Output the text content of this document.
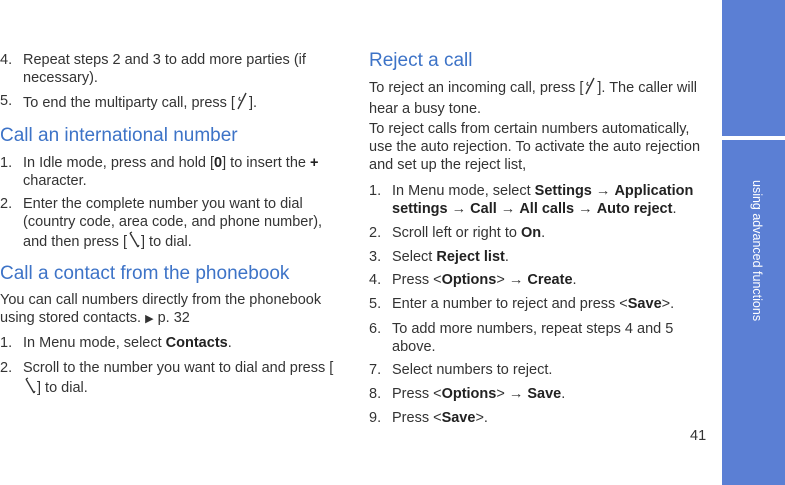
4. Repeat steps 2 and 3 to add more parties (if necessary).
5. To end the multiparty call, press [ ].
Call an international number
1. In Idle mode, press and hold [0] to insert the + character.
2. Enter the complete number you want to dial (country code, area code, and phone number), and then press [ ] to dial.
Call a contact from the phonebook
You can call numbers directly from the phonebook using stored contacts. ▶ p. 32
1. In Menu mode, select Contacts.
2. Scroll to the number you want to dial and press [] to dial.
Reject a call
To reject an incoming call, press [ ]. The caller will hear a busy tone.
To reject calls from certain numbers automatically, use the auto rejection. To activate the auto rejection and set up the reject list,
1. In Menu mode, select Settings → Application settings → Call → All calls → Auto reject.
2. Scroll left or right to On.
3. Select Reject list.
4. Press <Options> → Create.
5. Enter a number to reject and press <Save>.
6. To add more numbers, repeat steps 4 and 5 above.
7. Select numbers to reject.
8. Press <Options> → Save.
9. Press <Save>.
using advanced functions
41
